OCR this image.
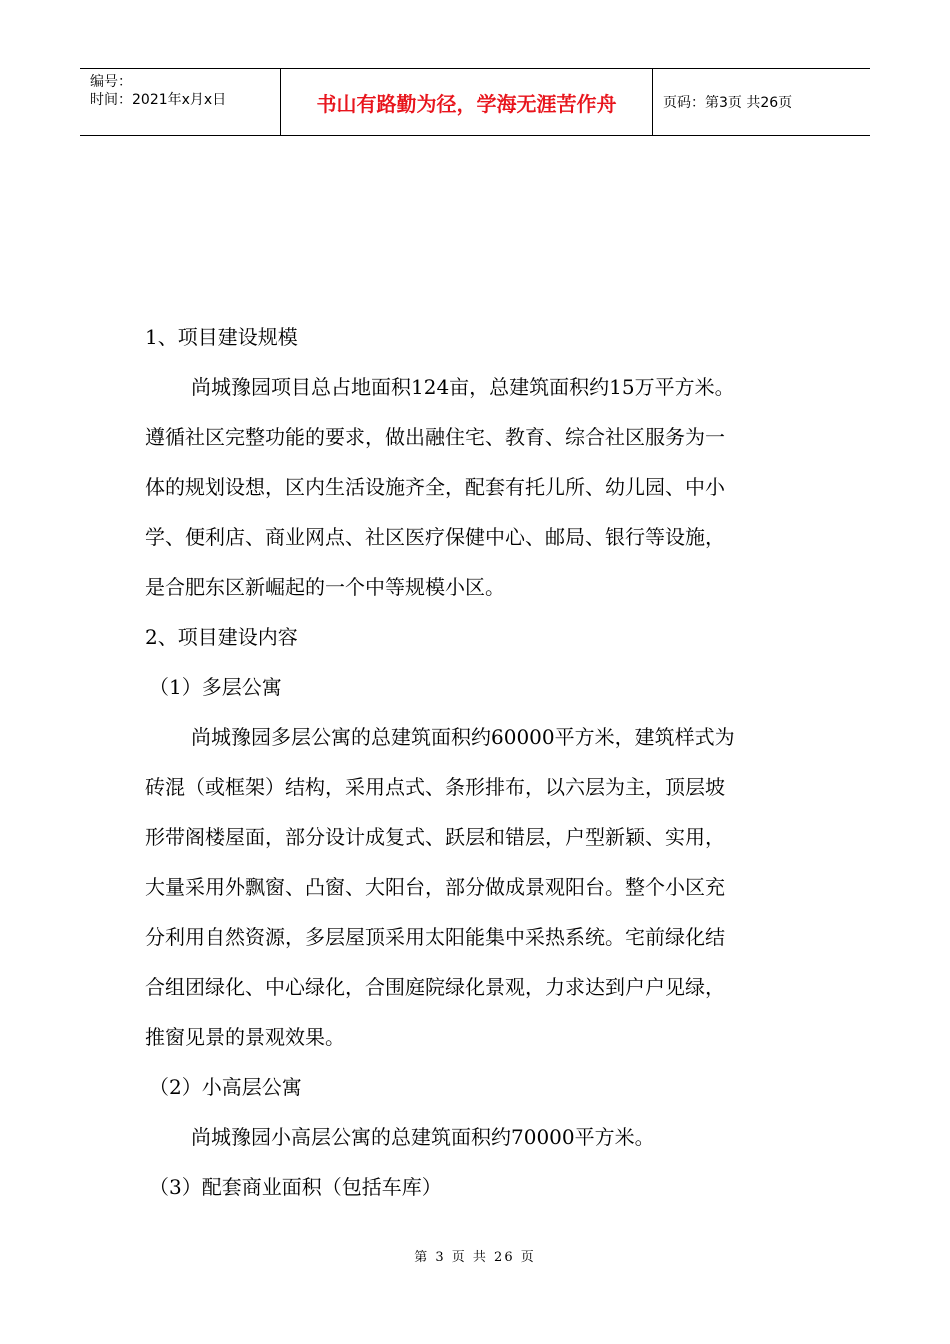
编号：
时间：2021年x月x日	书山有路勤为径，学海无涯苦作舟	页码：第3页 共26页
1、项目建设规模
尚城豫园项目总占地面积124亩，总建筑面积约15万平方米。
遵循社区完整功能的要求，做出融住宅、教育、综合社区服务为一
体的规划设想，区内生活设施齐全，配套有托儿所、幼儿园、中小
学、便利店、商业网点、社区医疗保健中心、邮局、银行等设施，
是合肥东区新崛起的一个中等规模小区。
2、项目建设内容
（1）多层公寓
尚城豫园多层公寓的总建筑面积约60000平方米，建筑样式为
砖混（或框架）结构，采用点式、条形排布，以六层为主，顶层坡
形带阁楼屋面，部分设计成复式、跃层和错层，户型新颖、实用，
大量采用外飘窗、凸窗、大阳台，部分做成景观阳台。整个小区充
分利用自然资源，多层屋顶采用太阳能集中采热系统。宅前绿化结
合组团绿化、中心绿化，合围庭院绿化景观，力求达到户户见绿，
推窗见景的景观效果。
（2）小高层公寓
尚城豫园小高层公寓的总建筑面积约70000平方米。
（3）配套商业面积（包括车库）
第 3 页 共 26 页
